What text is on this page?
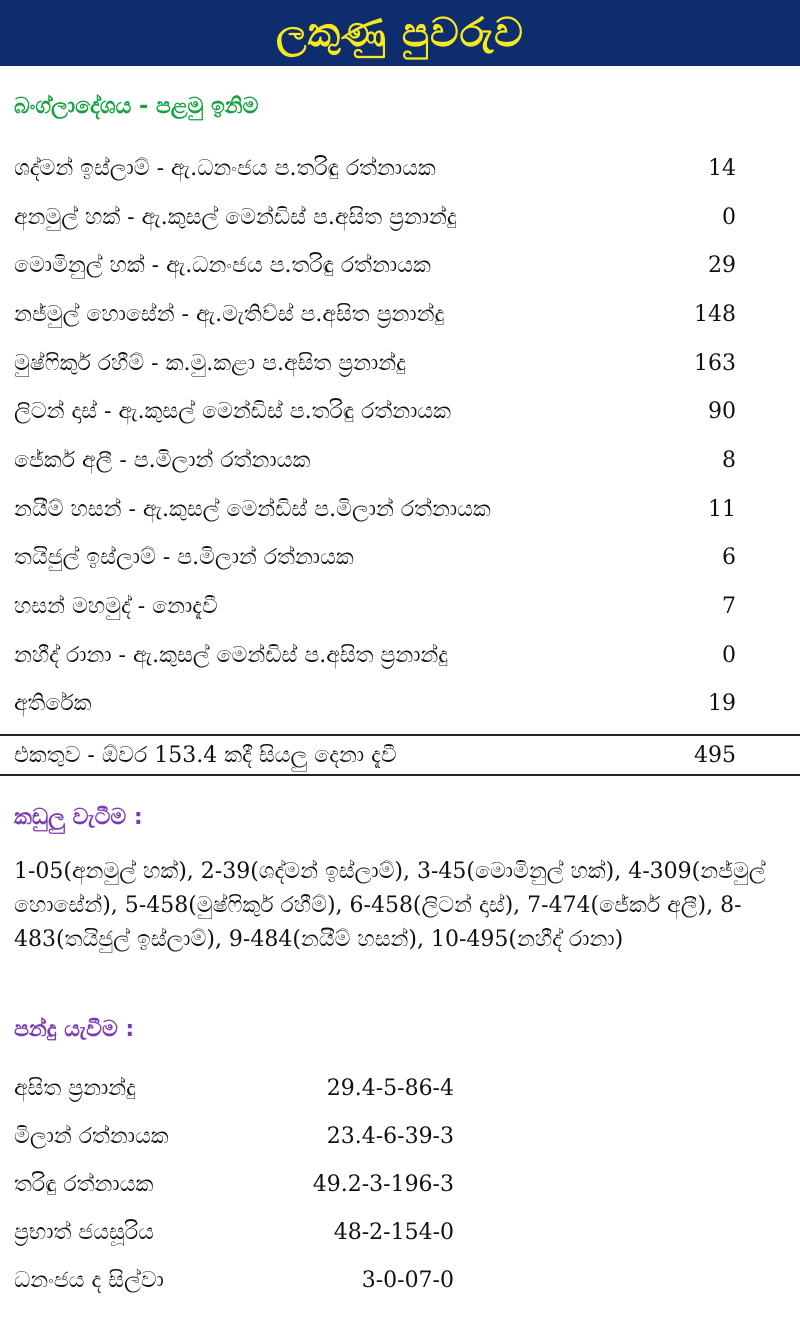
ලකුණු පුවරුව
බංග්ලාදේශය - පළමු ඉනිම
ශද්මන් ඉස්ලාම් - ඇ.ධනංජය ප.තරිඳු රත්නායක	14
අනමුල් හක් - ඇ.කුසල් මෙන්ඩිස් ප.අසිත ප්‍රනාන්දු	0
මොමිනුල් හක් - ඇ.ධනංජය ප.තරිඳු රත්නායක	29
නජ්මුල් හොසේන් - ඇ.මැතිව්ස් ප.අසිත ප්‍රනාන්දු	148
මුෂ්ෆිකුර් රහීම් - ක.මු.කළා ප.අසිත ප්‍රනාන්දු	163
ලිටන් දාස් - ඇ.කුසල් මෙන්ඩිස් ප.තරිඳු රත්නායක	90
ජේකර් අලී - ප.මිලාන් රත්නායක	8
නයීම් හසන් - ඇ.කුසල් මෙන්ඩිස් ප.මිලාන් රත්නායක	11
තයිජුල් ඉස්ලාම් - ප.මිලාන් රත්නායක	6
හසන් මහමුද් - නොදැවී	7
නහීද් රානා - ඇ.කුසල් මෙන්ඩිස් ප.අසිත ප්‍රනාන්දු	0
අතිරේක	19
එකතුව - ඕවර 153.4 කදී සියලු දෙනා දැවී	495
කඩුලු වැටීම :
1-05(අනමුල් හක්), 2-39(ශද්මන් ඉස්ලාම්), 3-45(මොමිනුල් හක්), 4-309(නජ්මුල් හොසේන්), 5-458(මුෂ්ෆිකුර් රහීම්), 6-458(ලිටන් දාස්), 7-474(ජේකර් අලී), 8-483(තයිජුල් ඉස්ලාම්), 9-484(නයීම් හසන්), 10-495(නහීද් රානා)
පන්දු යැවීම :
අසිත ප්‍රනාන්දු	29.4-5-86-4
මිලාන් රත්නායක	23.4-6-39-3
තරිඳු රත්නායක	49.2-3-196-3
ප්‍රභාත් ජයසූරිය	48-2-154-0
ධනංජය ද සිල්වා	3-0-07-0
